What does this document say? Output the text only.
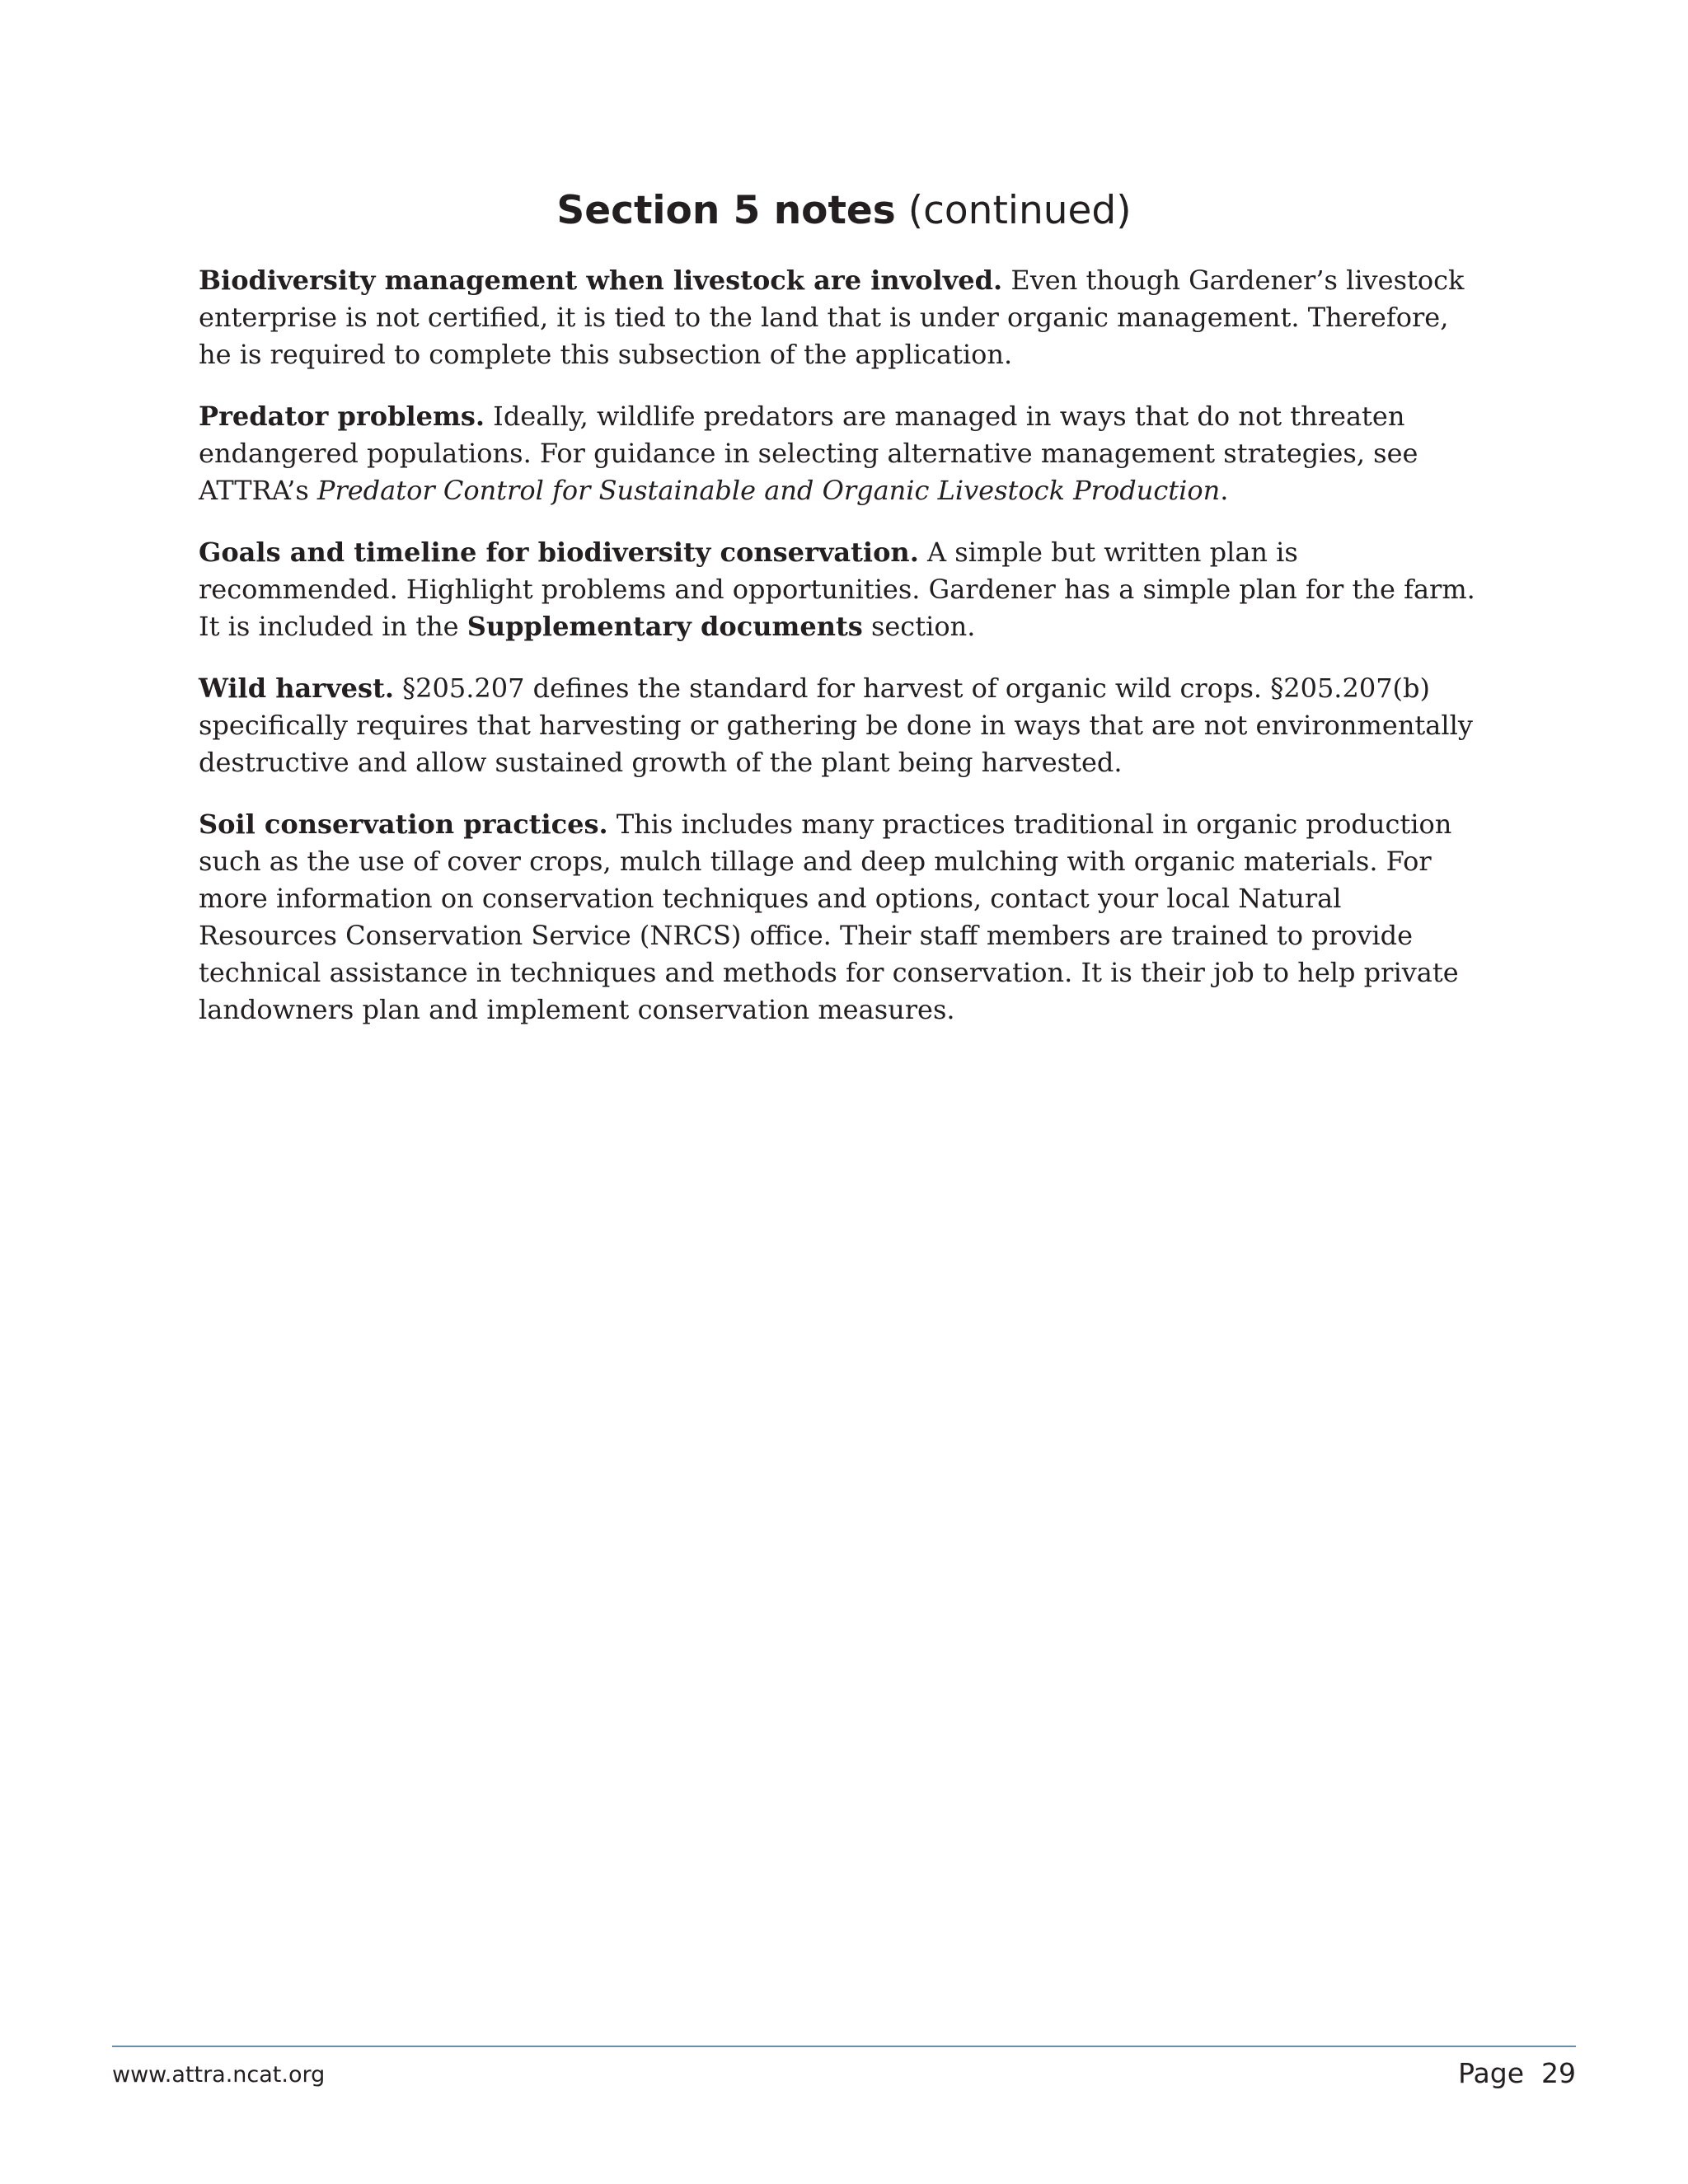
Section 5 notes (continued)

Biodiversity management when livestock are involved. Even though Gardener’s livestock enterprise is not certified, it is tied to the land that is under organic management. Therefore, he is required to complete this subsection of the application.

Predator problems. Ideally, wildlife predators are managed in ways that do not threaten endangered populations. For guidance in selecting alternative management strategies, see ATTRA’s Predator Control for Sustainable and Organic Livestock Production.

Goals and timeline for biodiversity conservation. A simple but written plan is recommended. Highlight problems and opportunities. Gardener has a simple plan for the farm. It is included in the Supplementary documents section.

Wild harvest. §205.207 defines the standard for harvest of organic wild crops. §205.207(b) specifically requires that harvesting or gathering be done in ways that are not environmentally destructive and allow sustained growth of the plant being harvested.

Soil conservation practices. This includes many practices traditional in organic production such as the use of cover crops, mulch tillage and deep mulching with organic materials. For more information on conservation techniques and options, contact your local Natural Resources Conservation Service (NRCS) office. Their staff members are trained to provide technical assistance in techniques and methods for conservation. It is their job to help private landowners plan and implement conservation measures.

www.attra.ncat.org	Page  29
